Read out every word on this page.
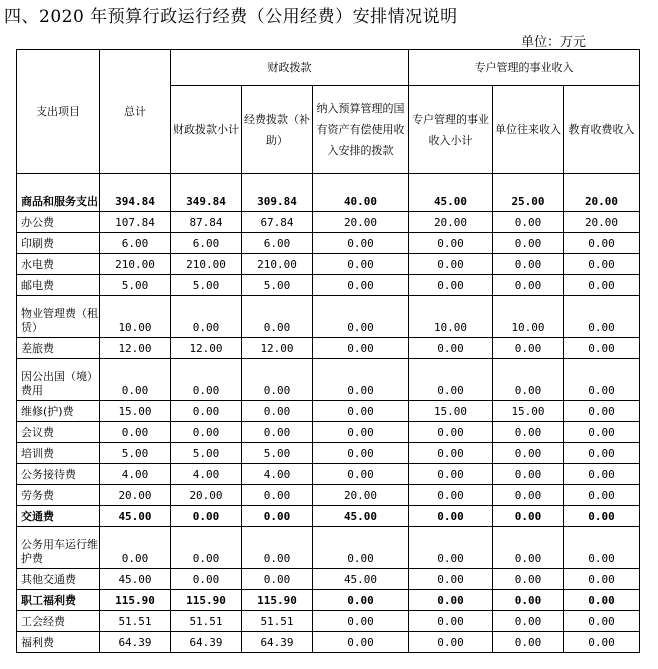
四、2020 年预算行政运行经费（公用经费）安排情况说明
单位：万元
支出项目	总计	财政拨款			专户管理的事业收入		
		财政拨款小计	经费拨款（补助）	纳入预算管理的国有资产有偿使用收入安排的拨款	专户管理的事业收入小计	单位往来收入	教育收费收入
商品和服务支出	394.84	349.84	309.84	40.00	45.00	25.00	20.00
办公费	107.84	87.84	67.84	20.00	20.00	0.00	20.00
印刷费	6.00	6.00	6.00	0.00	0.00	0.00	0.00
水电费	210.00	210.00	210.00	0.00	0.00	0.00	0.00
邮电费	5.00	5.00	5.00	0.00	0.00	0.00	0.00
物业管理费（租赁）	10.00	0.00	0.00	0.00	10.00	10.00	0.00
差旅费	12.00	12.00	12.00	0.00	0.00	0.00	0.00
因公出国（境）费用	0.00	0.00	0.00	0.00	0.00	0.00	0.00
维修(护)费	15.00	0.00	0.00	0.00	15.00	15.00	0.00
会议费	0.00	0.00	0.00	0.00	0.00	0.00	0.00
培训费	5.00	5.00	5.00	0.00	0.00	0.00	0.00
公务接待费	4.00	4.00	4.00	0.00	0.00	0.00	0.00
劳务费	20.00	20.00	0.00	20.00	0.00	0.00	0.00
交通费	45.00	0.00	0.00	45.00	0.00	0.00	0.00
公务用车运行维护费	0.00	0.00	0.00	0.00	0.00	0.00	0.00
其他交通费	45.00	0.00	0.00	45.00	0.00	0.00	0.00
职工福利费	115.90	115.90	115.90	0.00	0.00	0.00	0.00
工会经费	51.51	51.51	51.51	0.00	0.00	0.00	0.00
福利费	64.39	64.39	64.39	0.00	0.00	0.00	0.00
